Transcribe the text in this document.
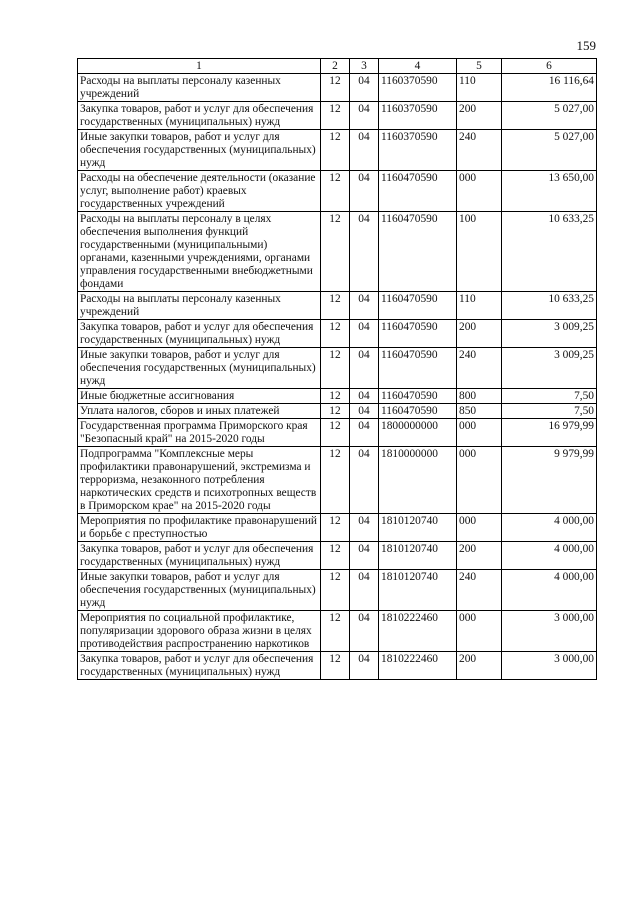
159
1	2	3	4	5	6
Расходы на выплаты персоналу казенных учреждений	12	04	1160370590	110	16 116,64
Закупка товаров, работ и услуг для обеспечения государственных (муниципальных) нужд	12	04	1160370590	200	5 027,00
Иные закупки товаров, работ и услуг для обеспечения государственных (муниципальных) нужд	12	04	1160370590	240	5 027,00
Расходы на обеспечение деятельности (оказание услуг, выполнение работ) краевых государственных учреждений	12	04	1160470590	000	13 650,00
Расходы на выплаты персоналу в целях обеспечения выполнения функций государственными (муниципальными) органами, казенными учреждениями, органами управления государственными внебюджетными фондами	12	04	1160470590	100	10 633,25
Расходы на выплаты персоналу казенных учреждений	12	04	1160470590	110	10 633,25
Закупка товаров, работ и услуг для обеспечения государственных (муниципальных) нужд	12	04	1160470590	200	3 009,25
Иные закупки товаров, работ и услуг для обеспечения государственных (муниципальных) нужд	12	04	1160470590	240	3 009,25
Иные бюджетные ассигнования	12	04	1160470590	800	7,50
Уплата налогов, сборов и иных платежей	12	04	1160470590	850	7,50
Государственная программа Приморского края "Безопасный край" на 2015-2020 годы	12	04	1800000000	000	16 979,99
Подпрограмма "Комплексные меры профилактики правонарушений, экстремизма и терроризма, незаконного потребления наркотических средств и психотропных веществ в Приморском крае" на 2015-2020 годы	12	04	1810000000	000	9 979,99
Мероприятия по профилактике правонарушений и борьбе с преступностью	12	04	1810120740	000	4 000,00
Закупка товаров, работ и услуг для обеспечения государственных (муниципальных) нужд	12	04	1810120740	200	4 000,00
Иные закупки товаров, работ и услуг для обеспечения государственных (муниципальных) нужд	12	04	1810120740	240	4 000,00
Мероприятия по социальной профилактике, популяризации здорового образа жизни в целях противодействия распространению наркотиков	12	04	1810222460	000	3 000,00
Закупка товаров, работ и услуг для обеспечения государственных (муниципальных) нужд	12	04	1810222460	200	3 000,00
